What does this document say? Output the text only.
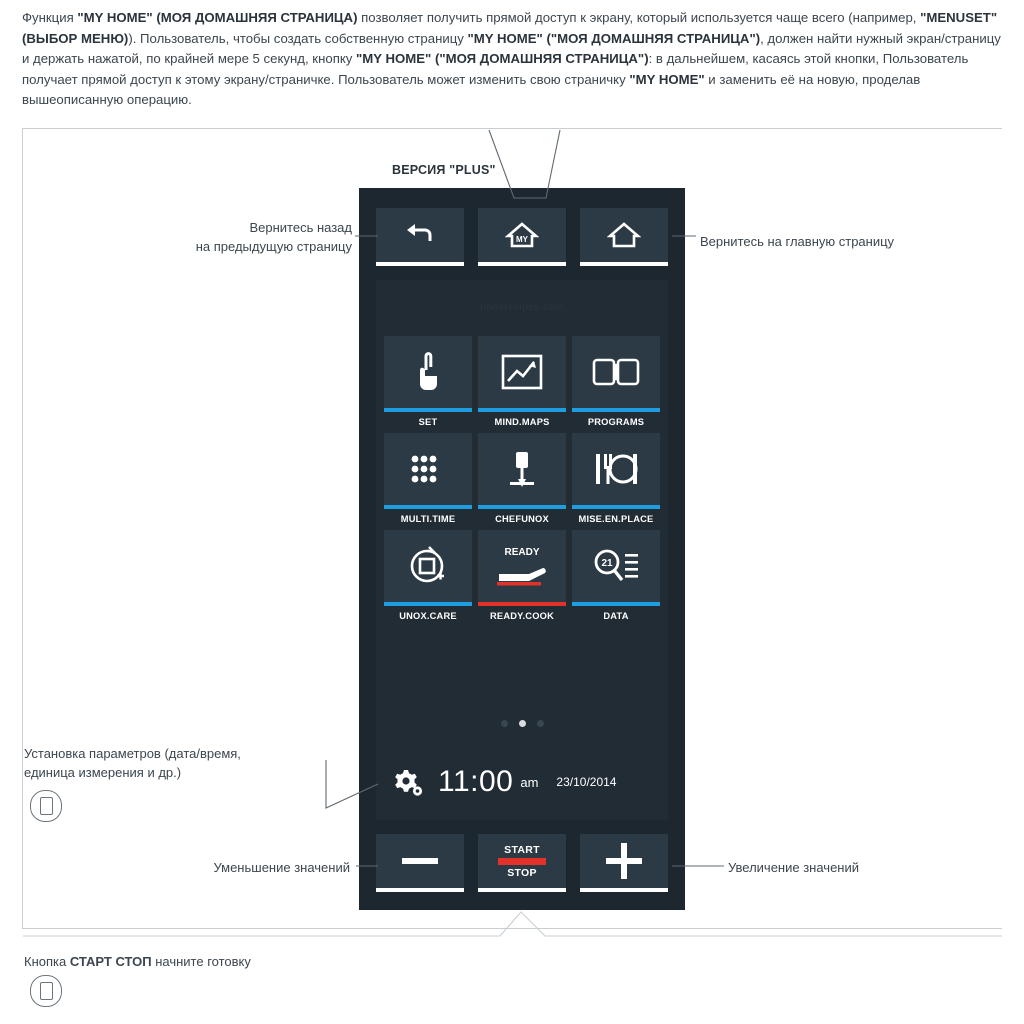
Функция "MY HOME" (МОЯ ДОМАШНЯЯ СТРАНИЦА) позволяет получить прямой доступ к экрану, который используется чаще всего (например, "MENUSET" (ВЫБОР МЕНЮ)). Пользователь, чтобы создать собственную страницу "MY HOME" ("МОЯ ДОМАШНЯЯ СТРАНИЦА"), должен найти нужный экран/страницу и держать нажатой, по крайней мере 5 секунд, кнопку "MY HOME" ("МОЯ ДОМАШНЯЯ СТРАНИЦА"): в дальнейшем, касаясь этой кнопки, Пользователь получает прямой доступ к этому экрану/страничке. Пользователь может изменить свою страничку "MY HOME" и заменить её на новую, проделав вышеописанную операцию.
ВЕРСИЯ "PLUS"
MY
unoxrecipes.com
SET	MIND.MAPS	PROGRAMS
MULTI.TIME	CHEFUNOX	MISE.EN.PLACE
UNOX.CARE
READY
READY.COOK
21
DATA
11:00 am 23/10/2014
START
STOP
Вернитесь назад
на предыдущую страницу	Вернитесь на главную страницу
Установка параметров (дата/время,
единица измерения и др.)
Уменьшение значений	Увеличение значений
Кнопка СТАРТ СТОП начните готовку
